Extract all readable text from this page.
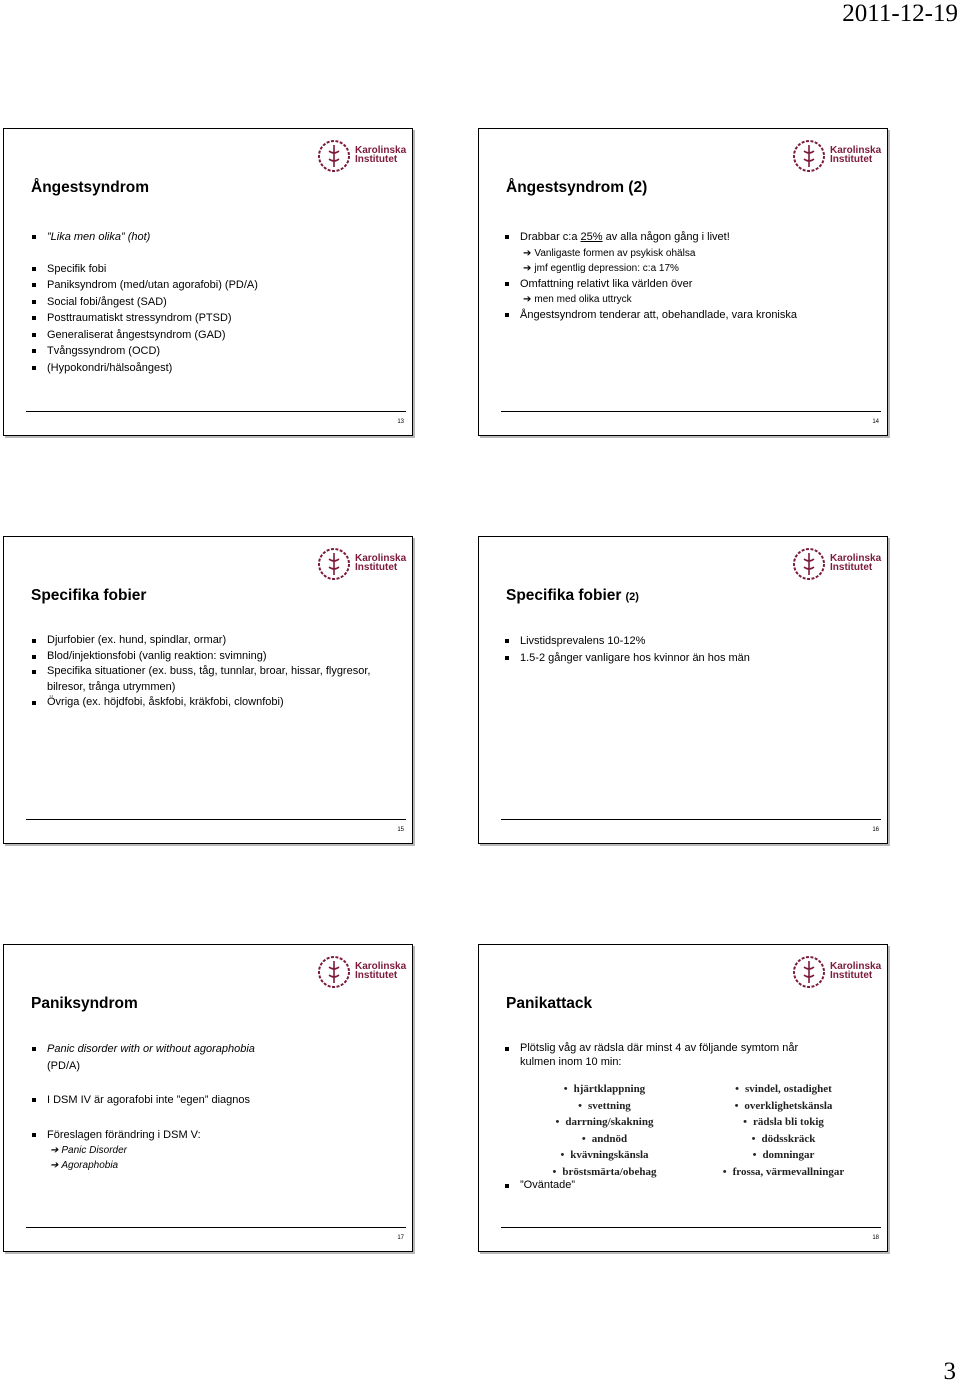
2011-12-19
Karolinska
Institutet
Ångestsyndrom
”Lika men olika” (hot)
Specifik fobi
Paniksyndrom (med/utan agorafobi) (PD/A)
Social fobi/ångest (SAD)
Posttraumatiskt stressyndrom (PTSD)
Generaliserat ångestsyndrom (GAD)
Tvångssyndrom (OCD)
(Hypokondri/hälsoångest)
13
Karolinska
Institutet
Ångestsyndrom (2)
Drabbar c:a 25% av alla någon gång i livet!
➔ Vanligaste formen av psykisk ohälsa
➔ jmf egentlig depression: c:a 17%
Omfattning relativt lika världen över
➔ men med olika uttryck
Ångestsyndrom tenderar att, obehandlade, vara kroniska
14
Karolinska
Institutet
Specifika fobier
Djurfobier (ex. hund, spindlar, ormar)
Blod/injektionsfobi (vanlig reaktion: svimning)
Specifika situationer (ex. buss, tåg, tunnlar, broar, hissar, flygresor, bilresor, trånga utrymmen)
Övriga (ex. höjdfobi, åskfobi, kräkfobi, clownfobi)
15
Karolinska
Institutet
Specifika fobier (2)
Livstidsprevalens 10-12%
1.5-2 gånger vanligare hos kvinnor än hos män
16
Karolinska
Institutet
Paniksyndrom
Panic disorder with or without agoraphobia
(PD/A)
I DSM IV är agorafobi inte ”egen” diagnos
Föreslagen förändring i DSM V:
➔ Panic Disorder
➔ Agoraphobia
17
Karolinska
Institutet
Panikattack
Plötslig våg av rädsla där minst 4 av följande symtom når kulmen inom 10 min:
• hjärtklappning
• svettning
• darrning/skakning
• andnöd
• kvävningskänsla
• bröstsmärta/obehag
• svindel, ostadighet
• overklighetskänsla
• rädsla bli tokig
• dödsskräck
• domningar
• frossa, värmevallningar
”Oväntade”
18
3
